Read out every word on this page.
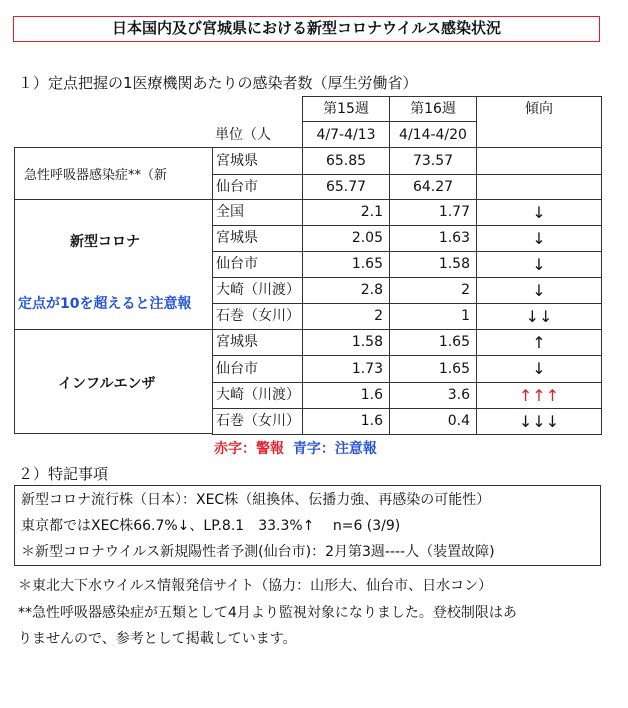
日本国内及び宮城県における新型コロナウイルス感染状況
１）定点把握の1医療機関あたりの感染者数（厚生労働省）
単位（人
第15週	第16週	傾向
4/7-4/13	4/14-4/20
急性呼吸器感染症**（新
新型コロナ
定点が10を超えると注意報
インフルエンザ
宮城県	65.85	73.57
仙台市	65.77	64.27
全国	2.1	1.77	↓
宮城県	2.05	1.63	↓
仙台市	1.65	1.58	↓
大崎（川渡）	2.8	2	↓
石巻（女川）	2	1	↓↓
宮城県	1.58	1.65	↑
仙台市	1.73	1.65	↓
大崎（川渡）	1.6	3.6	↑↑↑
石巻（女川）	1.6	0.4	↓↓↓
赤字：警報 青字：注意報
２）特記事項
新型コロナ流行株（日本）：XEC株（組換体、伝播力強、再感染の可能性）
東京都ではXEC株66.7%↓、LP.8.1　33.3%↑　 n=6 (3/9)
＊新型コロナウイルス新規陽性者予測(仙台市)：2月第3週----人（装置故障)
＊東北大下水ウイルス情報発信サイト（協力：山形大、仙台市、日水コン）
**急性呼吸器感染症が五類として4月より監視対象になりました。登校制限はあ
りませんので、参考として掲載しています。
